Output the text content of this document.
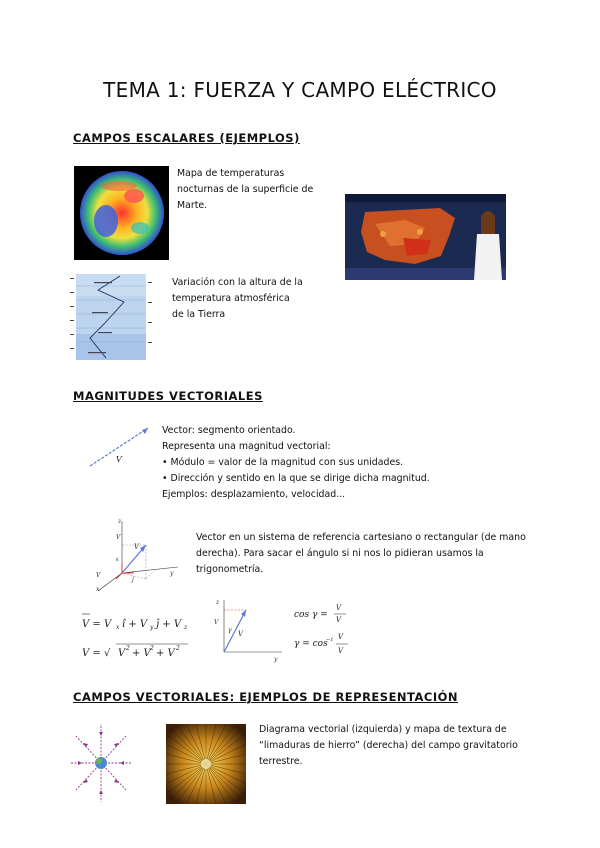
TEMA 1: FUERZA Y CAMPO ELÉCTRICO
CAMPOS ESCALARES (EJEMPLOS)
Mapa de temperaturas
nocturnas de la superficie de
Marte.
Variación con la altura de la
temperatura atmosférica
de la Tierra
MAGNITUDES VECTORIALES
V
Vector: segmento orientado.
Representa una magnitud vectorial:
• Módulo = valor de la magnitud con sus unidades.
• Dirección y sentido en la que se dirige dicha magnitud.
Ejemplos: desplazamiento, velocidad...
z
y
x
V
V
V
j
k
Vector en un sistema de referencia cartesiano o rectangular (de mano
derecha). Para sacar el ángulo si ni nos lo pidieran usamos la
trigonometría.
V = V
V = √
x î + V y ĵ + V z
V 2 + V 2 + V 2
z
y
V
V
γ
cos γ =
V
V
γ = cos
−1 V
V
CAMPOS VECTORIALES: EJEMPLOS DE REPRESENTACIÓN
Diagrama vectorial (izquierda) y mapa de textura de
“limaduras de hierro” (derecha) del campo gravitatorio
terrestre.
